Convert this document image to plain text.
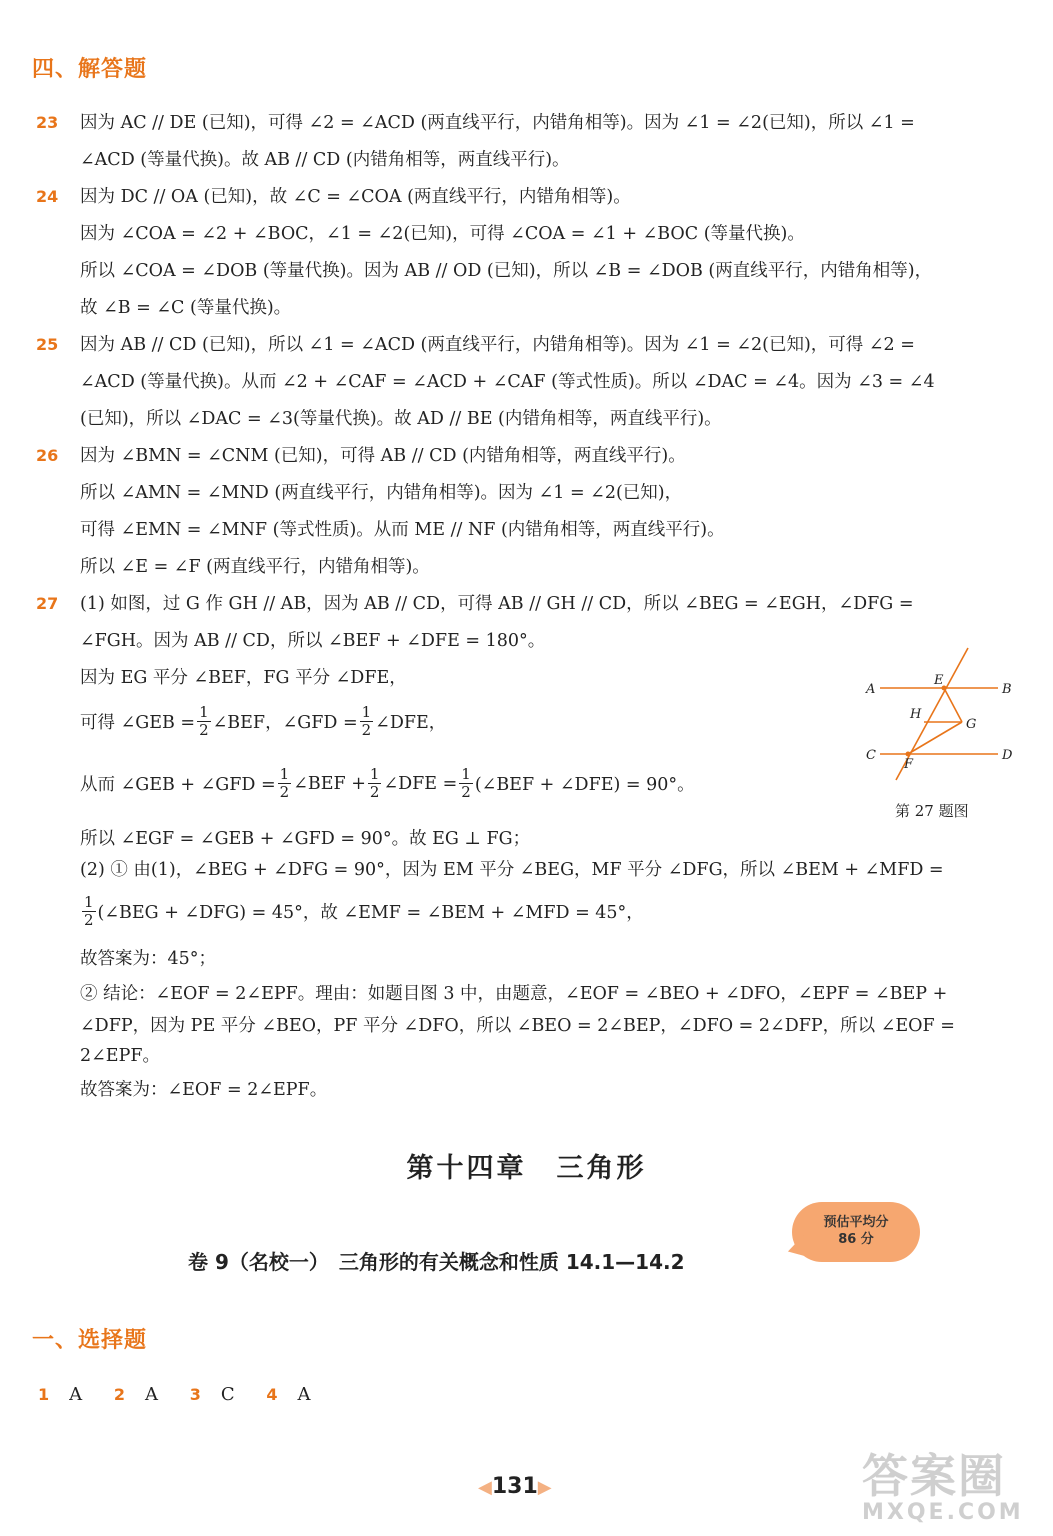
四、解答题
23 因为 AC // DE (已知)，可得 ∠2 = ∠ACD (两直线平行，内错角相等)。因为 ∠1 = ∠2(已知)，所以 ∠1 =
∠ACD (等量代换)。故 AB // CD (内错角相等，两直线平行)。
24 因为 DC // OA (已知)，故 ∠C = ∠COA (两直线平行，内错角相等)。
因为 ∠COA = ∠2 + ∠BOC，∠1 = ∠2(已知)，可得 ∠COA = ∠1 + ∠BOC (等量代换)。
所以 ∠COA = ∠DOB (等量代换)。因为 AB // OD (已知)，所以 ∠B = ∠DOB (两直线平行，内错角相等)，
故 ∠B = ∠C (等量代换)。
25 因为 AB // CD (已知)，所以 ∠1 = ∠ACD (两直线平行，内错角相等)。因为 ∠1 = ∠2(已知)，可得 ∠2 =
∠ACD (等量代换)。从而 ∠2 + ∠CAF = ∠ACD + ∠CAF (等式性质)。所以 ∠DAC = ∠4。因为 ∠3 = ∠4
(已知)，所以 ∠DAC = ∠3(等量代换)。故 AD // BE (内错角相等，两直线平行)。
26 因为 ∠BMN = ∠CNM (已知)，可得 AB // CD (内错角相等，两直线平行)。
所以 ∠AMN = ∠MND (两直线平行，内错角相等)。因为 ∠1 = ∠2(已知)，
可得 ∠EMN = ∠MNF (等式性质)。从而 ME // NF (内错角相等，两直线平行)。
所以 ∠E = ∠F (两直线平行，内错角相等)。
27 (1) 如图，过 G 作 GH // AB，因为 AB // CD，可得 AB // GH // CD，所以 ∠BEG = ∠EGH，∠DFG =
∠FGH。因为 AB // CD，所以 ∠BEF + ∠DFE = 180°。
因为 EG 平分 ∠BEF，FG 平分 ∠DFE，
可得 ∠GEB = $\frac{1}{2}$ ∠BEF，∠GFD = $\frac{1}{2}$ ∠DFE，
从而 ∠GEB + ∠GFD = $\frac{1}{2}$ ∠BEF + $\frac{1}{2}$ ∠DFE = $\frac{1}{2}$ (∠BEF + ∠DFE) = 90°。
所以 ∠EGF = ∠GEB + ∠GFD = 90°。故 EG ⊥ FG；
(2) ① 由(1)，∠BEG + ∠DFG = 90°，因为 EM 平分 ∠BEG，MF 平分 ∠DFG，所以 ∠BEM + ∠MFD =
$\frac{1}{2}$ (∠BEG + ∠DFG) = 45°，故 ∠EMF = ∠BEM + ∠MFD = 45°，
故答案为：45°；
② 结论：∠EOF = 2∠EPF。理由：如题目图 3 中，由题意，∠EOF = ∠BEO + ∠DFO，∠EPF = ∠BEP +
∠DFP，因为 PE 平分 ∠BEO，PF 平分 ∠DFO，所以 ∠BEO = 2∠BEP，∠DFO = 2∠DFP，所以 ∠EOF =
2∠EPF。
故答案为：∠EOF = 2∠EPF。
A	B
C	D
E
F
G
H
第 27 题图
第十四章　三角形
卷 9（名校一）　三角形的有关概念和性质 14.1—14.2
预估平均分
86 分
一、选择题
1 A 2 A 3 C 4 A
◀131▶	答案圈
MXQE.COM
